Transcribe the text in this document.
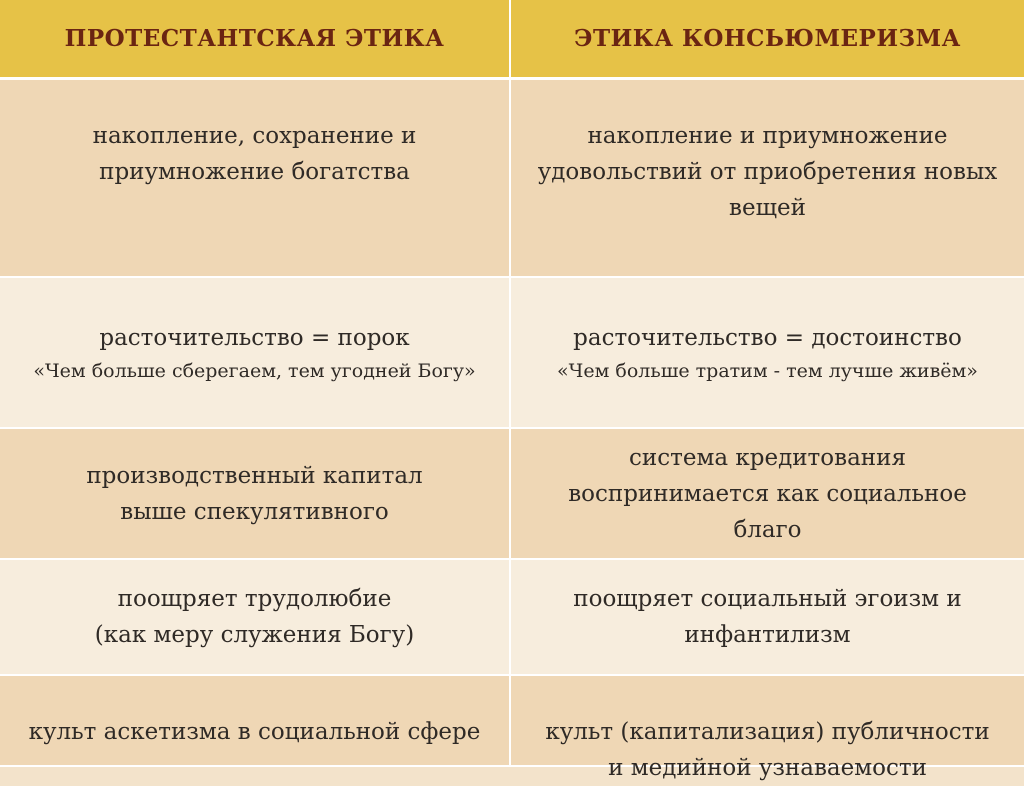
ПРОТЕСТАНТСКАЯ ЭТИКА	ЭТИКА КОНСЬЮМЕРИЗМА
накопление, сохранение и
приумножение богатства
накопление и приумножение
удовольствий от приобретения новых
вещей
расточительство = порок
«Чем больше сберегаем, тем угодней Богу»
расточительство = достоинство
«Чем больше тратим - тем лучше живём»
производственный капитал
выше спекулятивного
система кредитования
воспринимается как социальное
благо
поощряет трудолюбие
(как меру служения Богу)
поощряет социальный эгоизм и
инфантилизм
культ аскетизма в социальной сфере	культ (капитализация) публичности
и медийной узнаваемости
